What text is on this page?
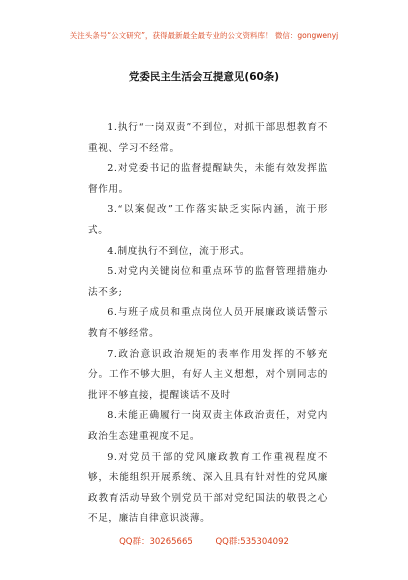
关注头条号“公文研究”，获得最新最全最专业的公文资料库！ 微信：gongwenyj
党委民主生活会互提意见(60条)

1.执行“一岗双责”不到位，对抓干部思想教育不重视、学习不经常。

2.对党委书记的监督提醒缺失，未能有效发挥监督作用。

3.“以案促改”工作落实缺乏实际内涵，流于形式。

4.制度执行不到位，流于形式。

5.对党内关键岗位和重点环节的监督管理措施办法不多;

6.与班子成员和重点岗位人员开展廉政谈话警示教育不够经常。

7.政治意识政治规矩的表率作用发挥的不够充分。工作不够大胆，有好人主义想想，对个别同志的批评不够直接，提醒谈话不及时

8.未能正确履行一岗双责主体政治责任，对党内政治生态建重视度不足。

9.对党员干部的党风廉政教育工作重视程度不够，未能组织开展系统、深入且具有针对性的党风廉政教育活动导致个别党员干部对党纪国法的敬畏之心不足，廉洁自律意识淡薄。

QQ群：30265665	QQ群:535304092
